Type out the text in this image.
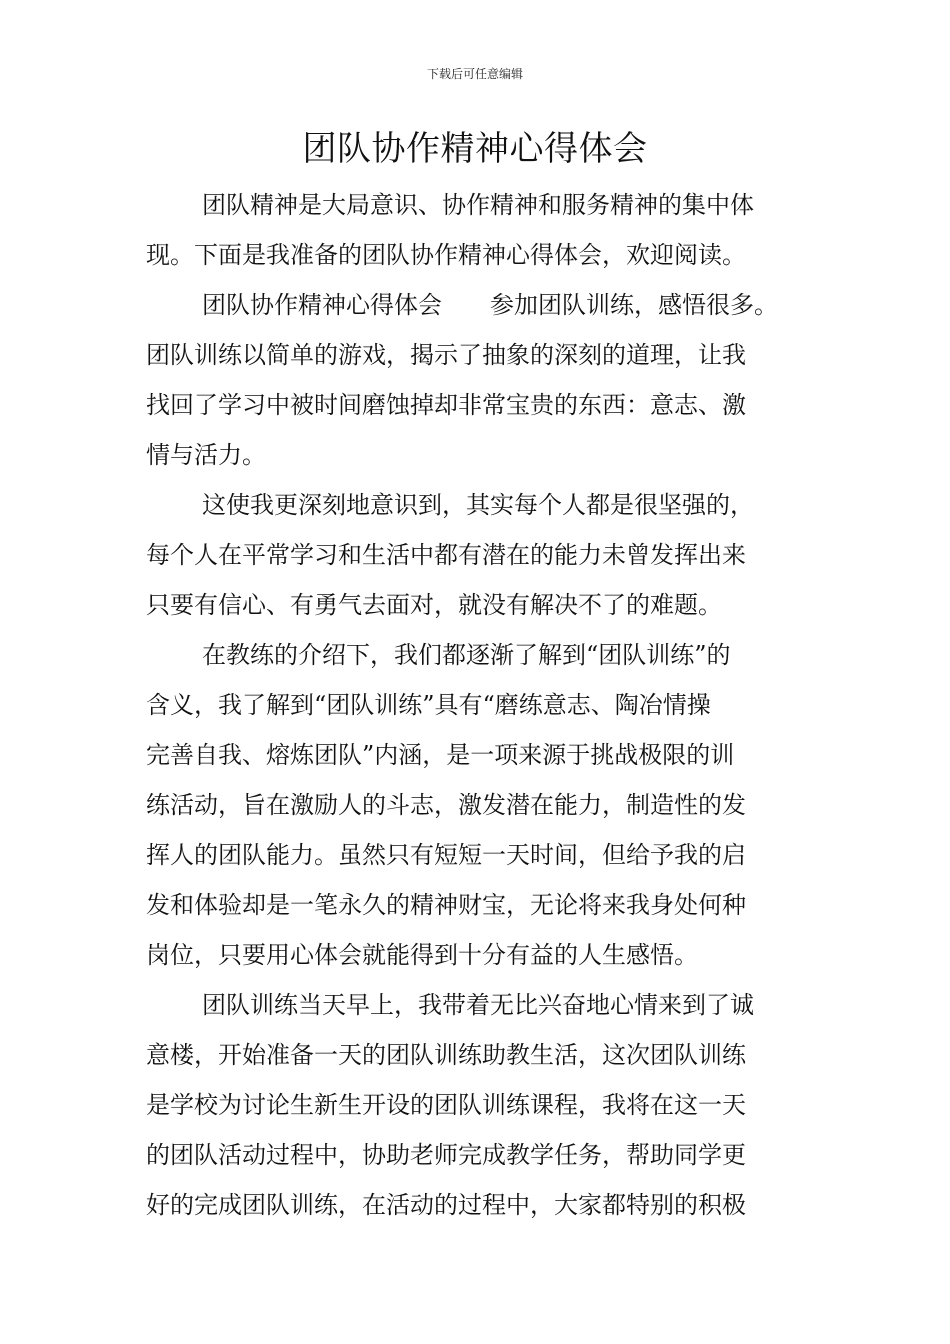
下载后可任意编辑
团队协作精神心得体会

团队精神是大局意识、协作精神和服务精神的集中体
现。下面是我准备的团队协作精神心得体会，欢迎阅读。

团队协作精神心得体会　　参加团队训练，感悟很多。
团队训练以简单的游戏，揭示了抽象的深刻的道理，让我
找回了学习中被时间磨蚀掉却非常宝贵的东西：意志、激
情与活力。

这使我更深刻地意识到，其实每个人都是很坚强的，
每个人在平常学习和生活中都有潜在的能力未曾发挥出来
只要有信心、有勇气去面对，就没有解决不了的难题。

在教练的介绍下，我们都逐渐了解到“团队训练”的
含义，我了解到“团队训练”具有“磨练意志、陶冶情操
完善自我、熔炼团队”内涵，是一项来源于挑战极限的训
练活动，旨在激励人的斗志，激发潜在能力，制造性的发
挥人的团队能力。虽然只有短短一天时间，但给予我的启
发和体验却是一笔永久的精神财宝，无论将来我身处何种
岗位，只要用心体会就能得到十分有益的人生感悟。

团队训练当天早上，我带着无比兴奋地心情来到了诚
意楼，开始准备一天的团队训练助教生活，这次团队训练
是学校为讨论生新生开设的团队训练课程，我将在这一天
的团队活动过程中，协助老师完成教学任务，帮助同学更
好的完成团队训练，在活动的过程中，大家都特别的积极
